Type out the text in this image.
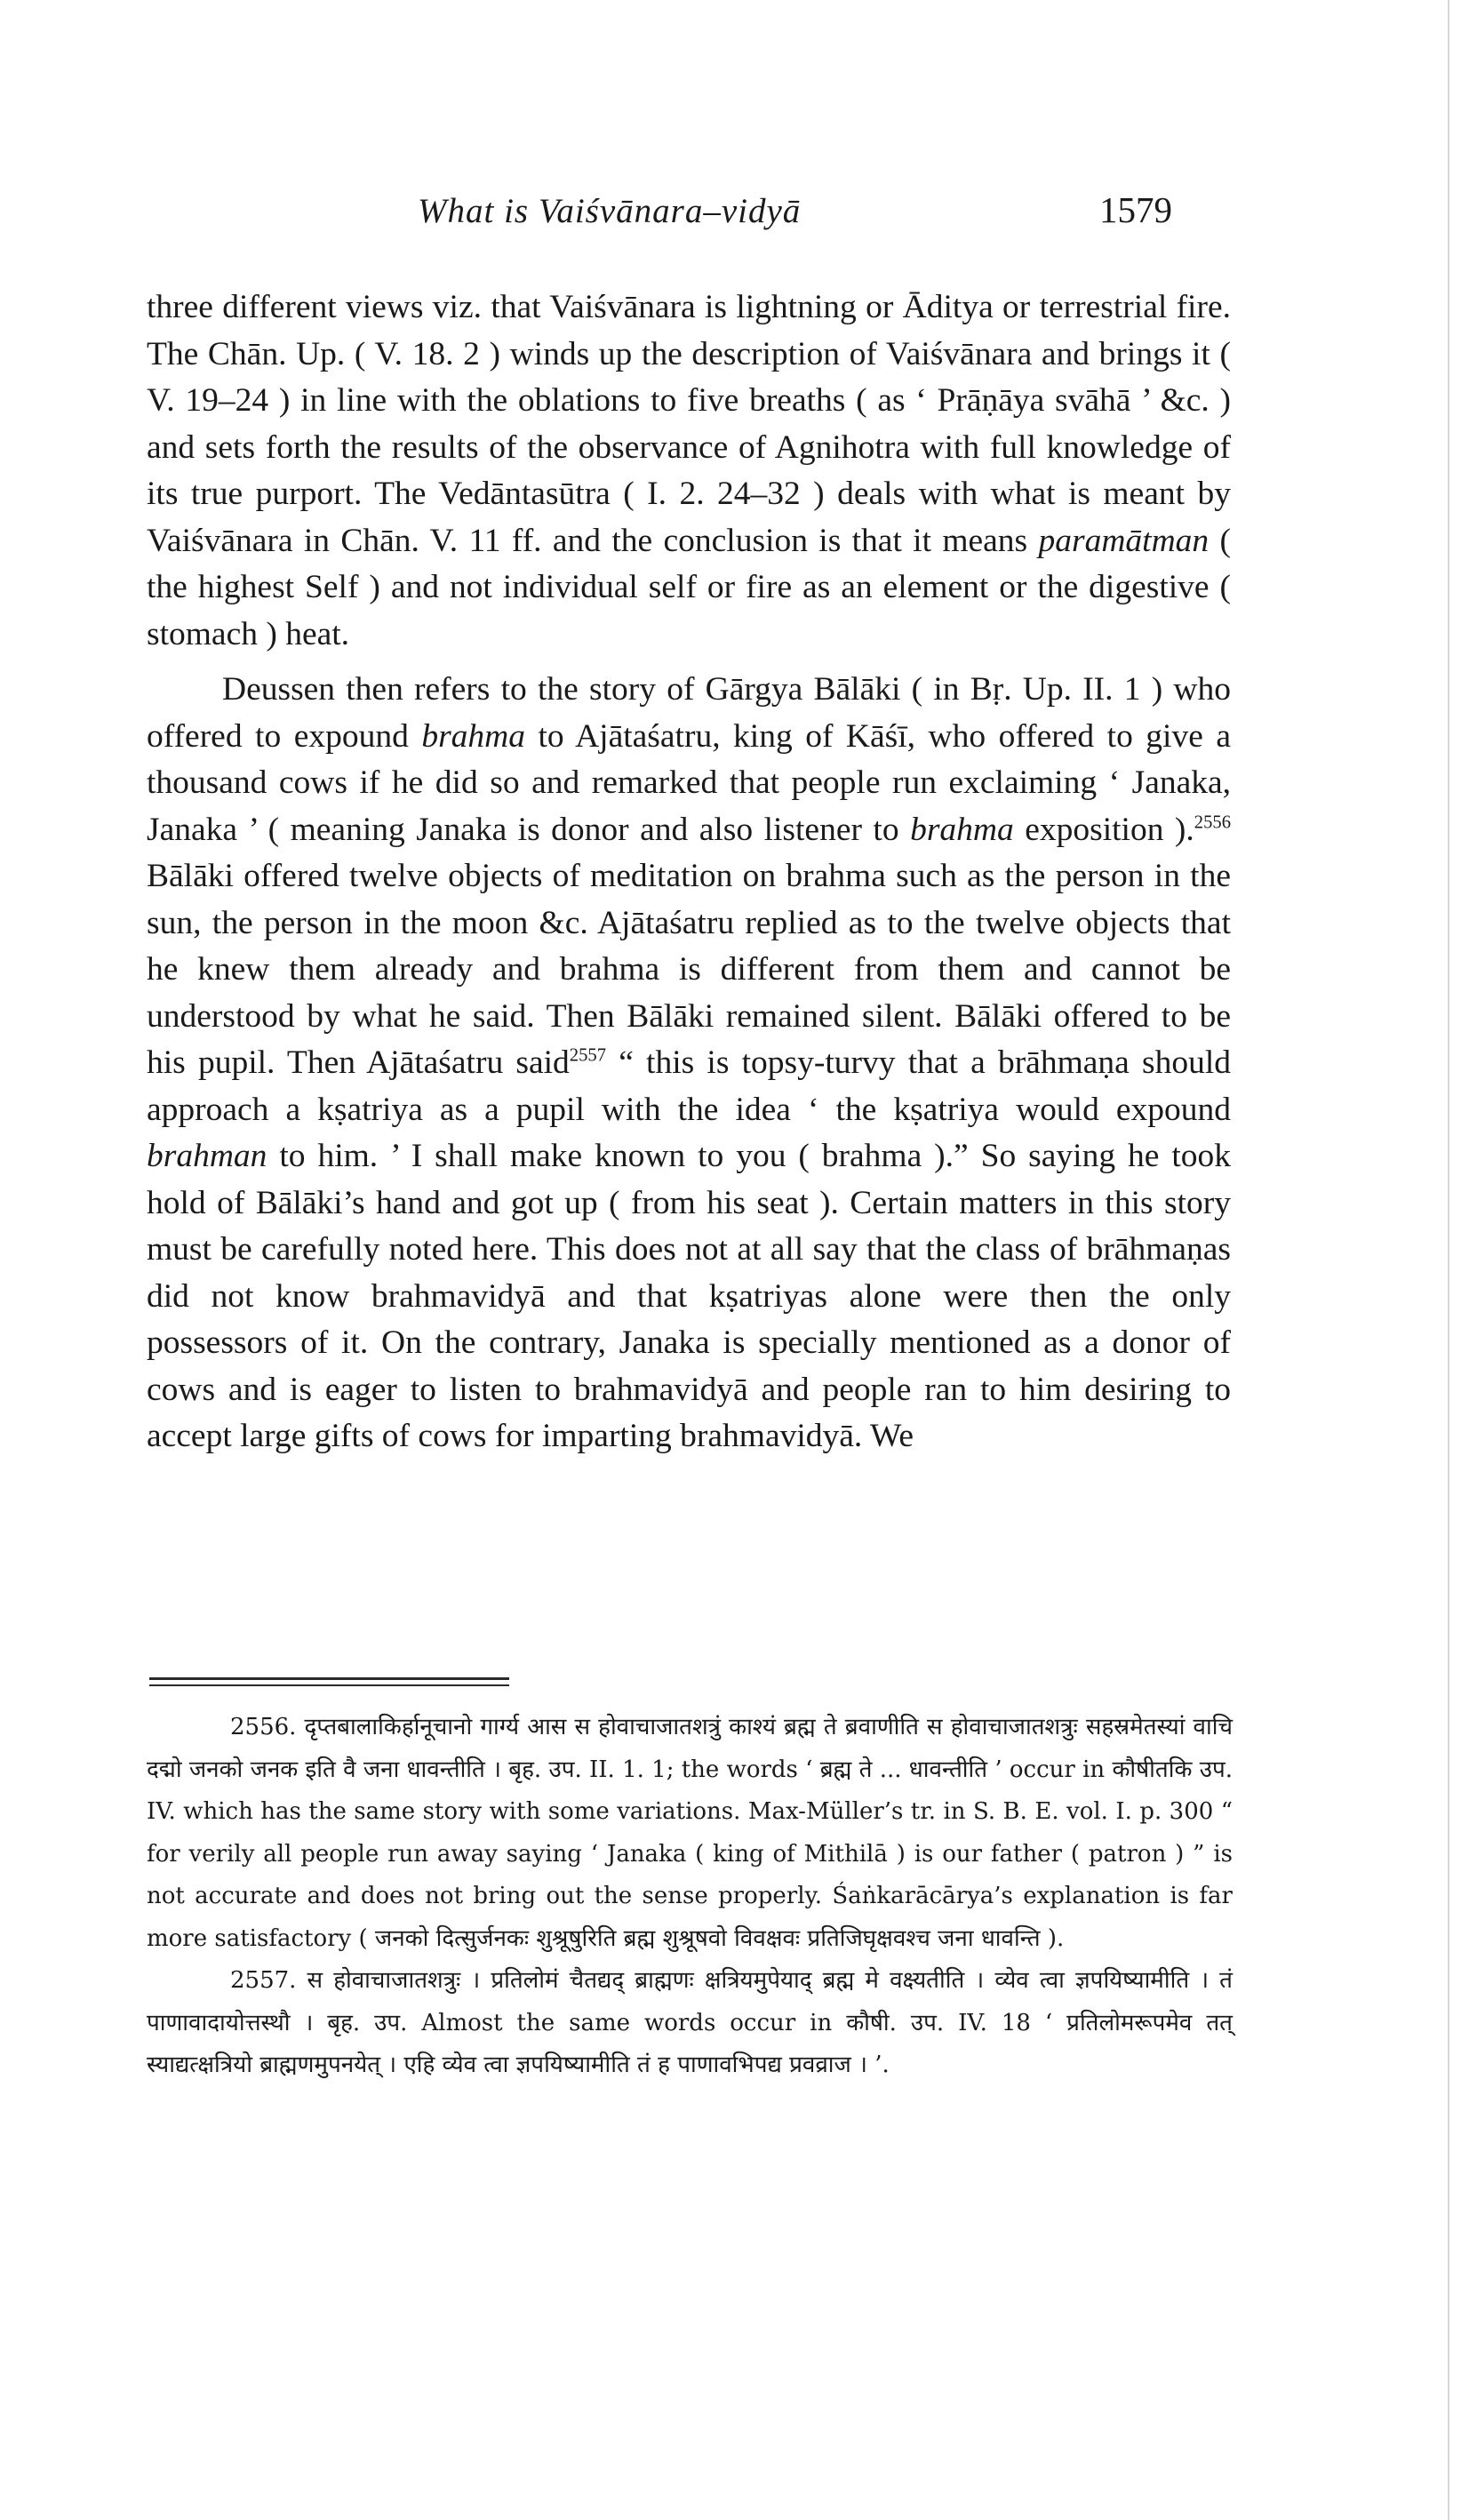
What is Vaiśvānara–vidyā	1579

three different views viz. that Vaiśvānara is lightning or Āditya or terrestrial fire. The Chān. Up. ( V. 18. 2 ) winds up the description of Vaiśvānara and brings it ( V. 19–24 ) in line with the oblations to five breaths ( as ‘ Prāṇāya svāhā ’ &c. ) and sets forth the results of the observance of Agnihotra with full knowledge of its true purport. The Vedāntasūtra ( I. 2. 24–32 ) deals with what is meant by Vaiśvānara in Chān. V. 11 ff. and the conclusion is that it means paramātman ( the highest Self ) and not individual self or fire as an element or the digestive ( stomach ) heat.

Deussen then refers to the story of Gārgya Bālāki ( in Bṛ. Up. II. 1 ) who offered to expound brahma to Ajātaśatru, king of Kāśī, who offered to give a thousand cows if he did so and remarked that people run exclaiming ‘ Janaka, Janaka ’ ( meaning Janaka is donor and also listener to brahma exposition ).$^{2556}$ Bālāki offered twelve objects of meditation on brahma such as the person in the sun, the person in the moon &c. Ajātaśatru replied as to the twelve objects that he knew them already and brahma is different from them and cannot be understood by what he said. Then Bālāki remained silent. Bālāki offered to be his pupil. Then Ajātaśatru said$^{2557}$ “ this is topsy-turvy that a brāhmaṇa should approach a kṣatriya as a pupil with the idea ‘ the kṣatriya would expound brahman to him. ’ I shall make known to you ( brahma ).” So saying he took hold of Bālāki’s hand and got up ( from his seat ). Certain matters in this story must be carefully noted here. This does not at all say that the class of brāhmaṇas did not know brahmavidyā and that kṣatriyas alone were then the only possessors of it. On the contrary, Janaka is specially mentioned as a donor of cows and is eager to listen to brahmavidyā and people ran to him desiring to accept large gifts of cows for imparting brahmavidyā. We

2556. दृप्तबालाकिर्हानूचानो गार्ग्य आस स होवाचाजातशत्रुं काश्यं ब्रह्म ते ब्रवाणीति स होवाचाजातशत्रुः सहस्रमेतस्यां वाचि दद्मो जनको जनक इति वै जना धावन्तीति । बृह. उप. II. 1. 1; the words ‘ ब्रह्म ते ... धावन्तीति ’ occur in कौषीतकि उप. IV. which has the same story with some variations. Max-Müller’s tr. in S. B. E. vol. I. p. 300 “ for verily all people run away saying ‘ Janaka ( king of Mithilā ) is our father ( patron ) ” is not accurate and does not bring out the sense properly. Śaṅkarācārya’s explanation is far more satisfactory ( जनको दित्सुर्जनकः शुश्रूषुरिति ब्रह्म शुश्रूषवो विवक्षवः प्रतिजिघृक्षवश्च जना धावन्ति ).

2557. स होवाचाजातशत्रुः । प्रतिलोमं चैतद्यद् ब्राह्मणः क्षत्रियमुपेयाद् ब्रह्म मे वक्ष्यतीति । व्येव त्वा ज्ञपयिष्यामीति । तं पाणावादायोत्तस्थौ । बृह. उप. Almost the same words occur in कौषी. उप. IV. 18 ‘ प्रतिलोमरूपमेव तत् स्याद्यत्क्षत्रियो ब्राह्मणमुपनयेत् । एहि व्येव त्वा ज्ञपयिष्यामीति तं ह पाणावभिपद्य प्रवव्राज । ’.
